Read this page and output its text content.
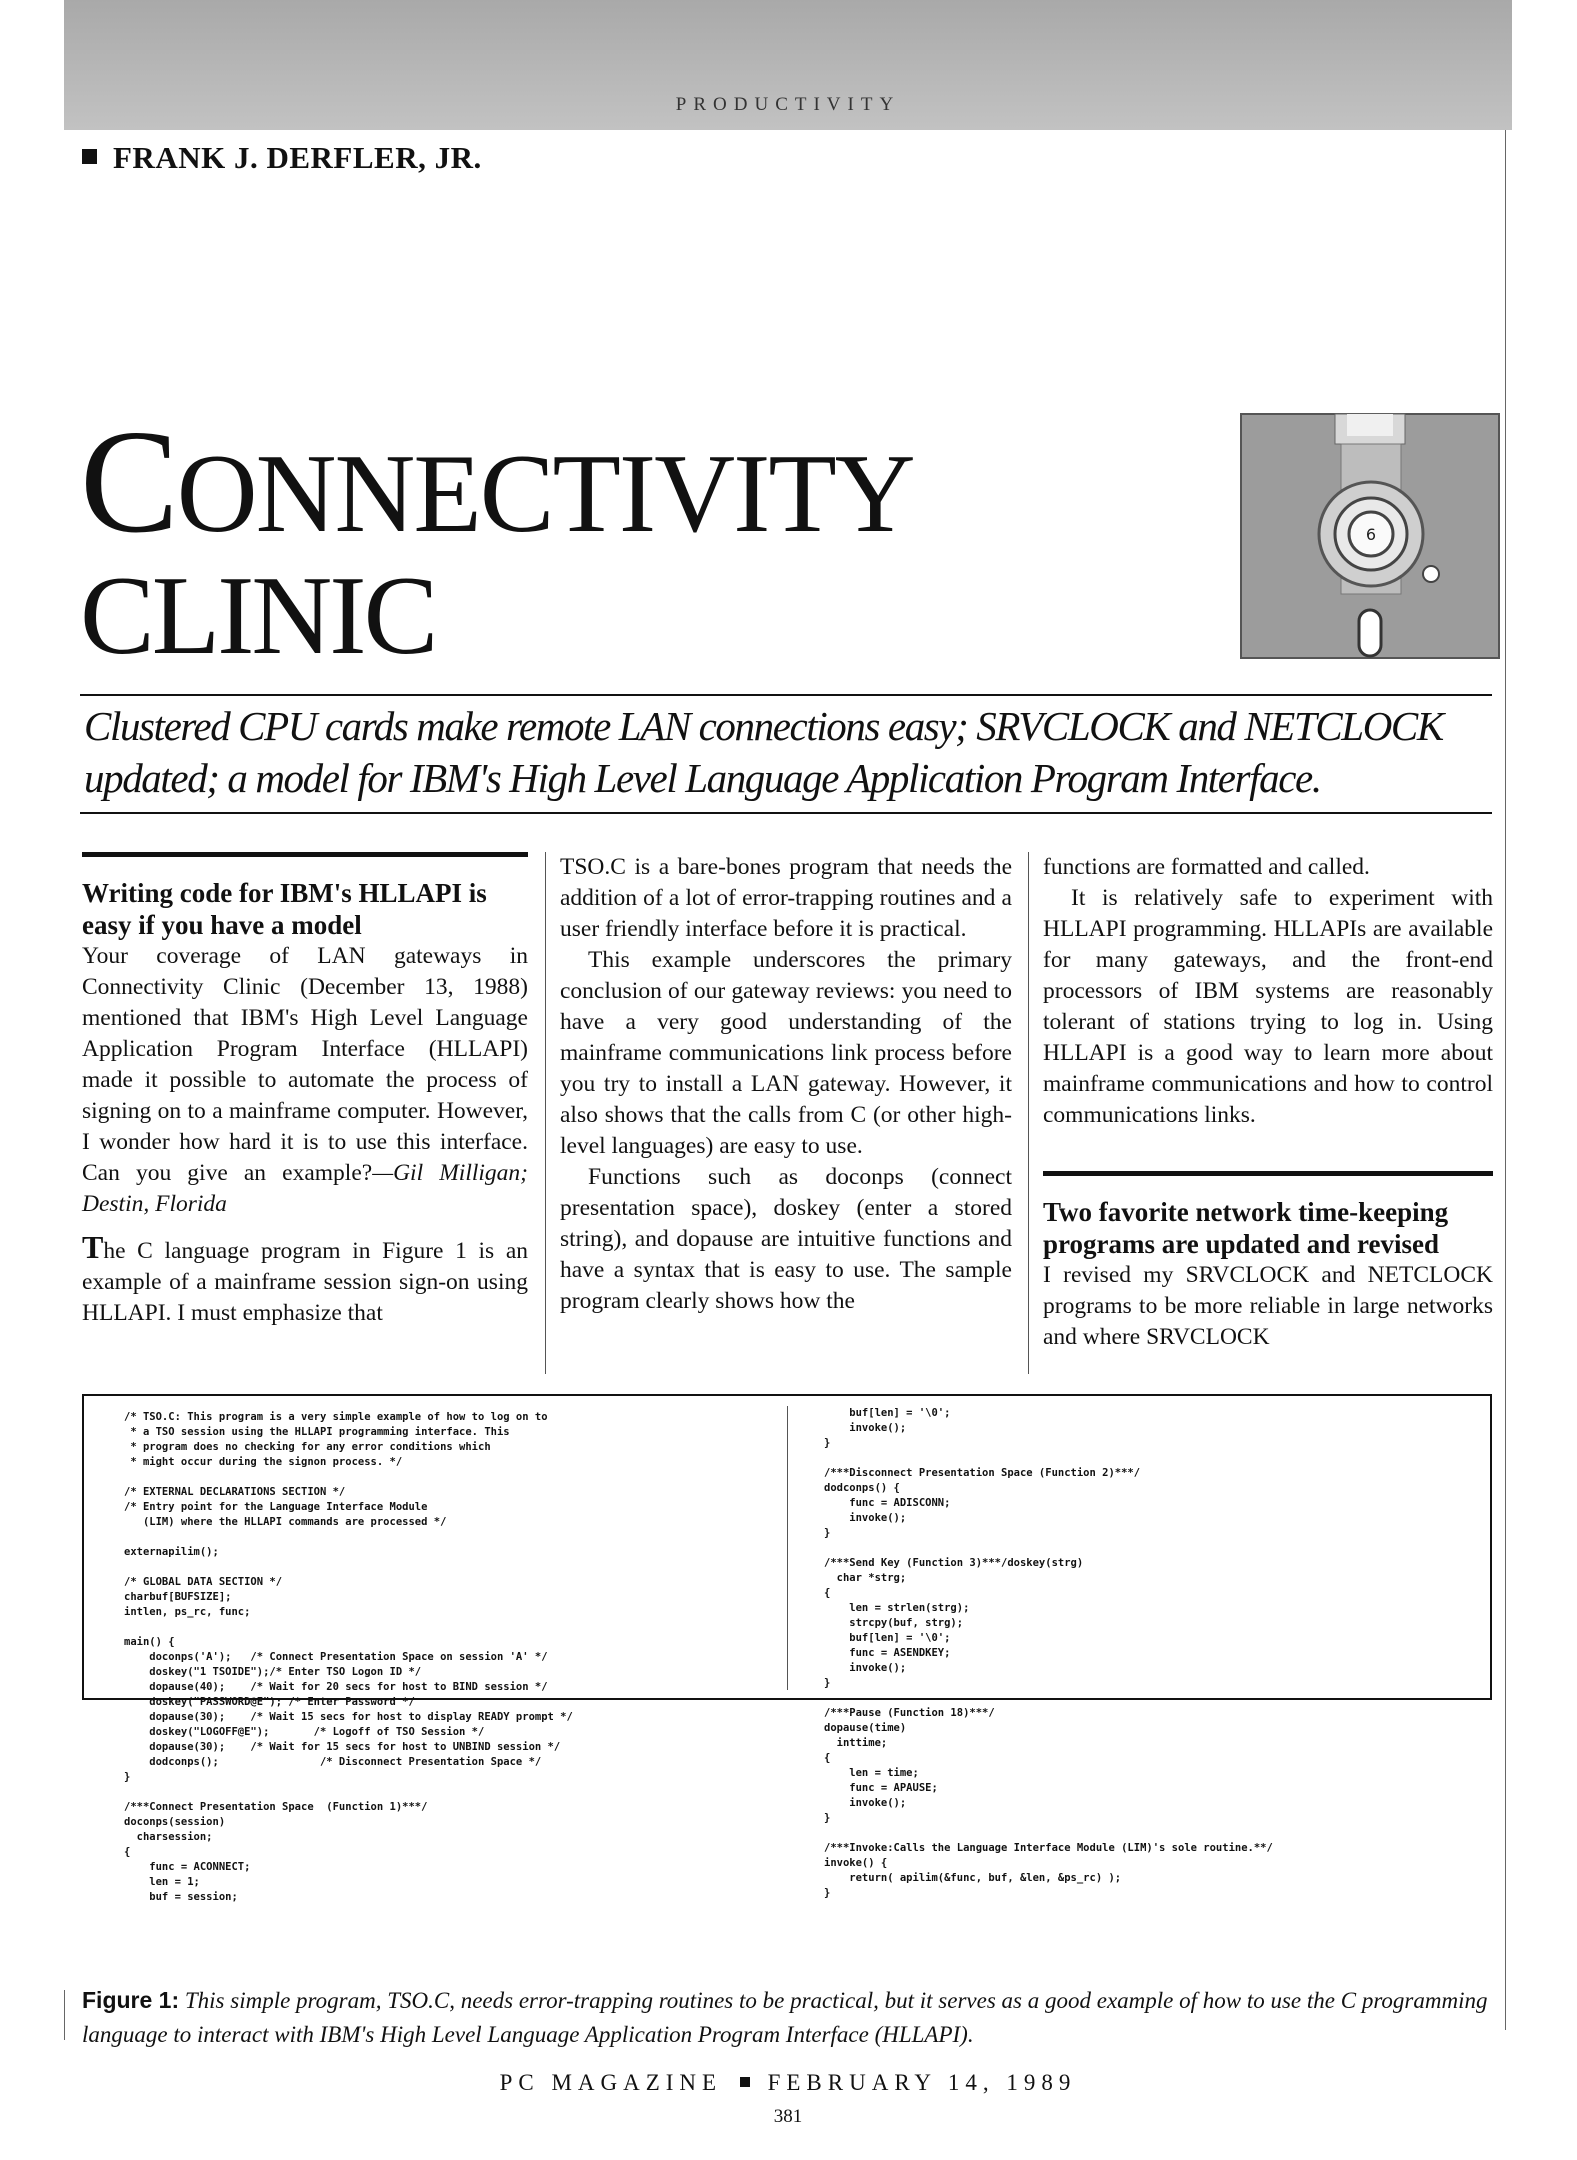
PRODUCTIVITY
FRANK J. DERFLER, JR.
CONNECTIVITY
CLINIC
6
Clustered CPU cards make remote LAN connections easy; SRVCLOCK and NETCLOCK updated; a model for IBM's High Level Language Application Program Interface.

Writing code for IBM's HLLAPI is easy if you have a model

Your coverage of LAN gateways in Connectivity Clinic (December 13, 1988) mentioned that IBM's High Level Language Application Program Interface (HLLAPI) made it possible to automate the process of signing on to a mainframe computer. However, I wonder how hard it is to use this interface. Can you give an example?—Gil Milligan; Destin, Florida

The C language program in Figure 1 is an example of a mainframe session sign-on using HLLAPI. I must emphasize that

TSO.C is a bare-bones program that needs the addition of a lot of error-trapping routines and a user friendly interface before it is practical.

This example underscores the primary conclusion of our gateway reviews: you need to have a very good understanding of the mainframe communications link process before you try to install a LAN gateway. However, it also shows that the calls from C (or other high-level languages) are easy to use.

Functions such as doconps (connect presentation space), doskey (enter a stored string), and dopause are intuitive functions and have a syntax that is easy to use. The sample program clearly shows how the

functions are formatted and called.

It is relatively safe to experiment with HLLAPI programming. HLLAPIs are available for many gateways, and the front-end processors of IBM systems are reasonably tolerant of stations trying to log in. Using HLLAPI is a good way to learn more about mainframe communications and how to control communications links.

Two favorite network time-keeping programs are updated and revised

I revised my SRVCLOCK and NETCLOCK programs to be more reliable in large networks and where SRVCLOCK

/* TSO.C: This program is a very simple example of how to log on to
* a TSO session using the HLLAPI programming interface. This
* program does no checking for any error conditions which
* might occur during the signon process. */

/* EXTERNAL DECLARATIONS SECTION */
/* Entry point for the Language Interface Module
(LIM) where the HLLAPI commands are processed */

externapilim();

/* GLOBAL DATA SECTION */
charbuf[BUFSIZE];
intlen, ps_rc, func;

main() {
doconps('A');   /* Connect Presentation Space on session 'A' */
doskey("1 TSOIDE");/* Enter TSO Logon ID */
dopause(40);    /* Wait for 20 secs for host to BIND session */
doskey("PASSWORD@E"); /* Enter Password */
dopause(30);    /* Wait 15 secs for host to display READY prompt */
doskey("LOGOFF@E");       /* Logoff of TSO Session */
dopause(30);    /* Wait for 15 secs for host to UNBIND session */
dodconps();                /* Disconnect Presentation Space */
}

/***Connect Presentation Space  (Function 1)***/
doconps(session)
charsession;
{
func = ACONNECT;
len = 1;
buf = session;
buf[len] = '\0';
invoke();
}

/***Disconnect Presentation Space (Function 2)***/
dodconps() {
func = ADISCONN;
invoke();
}

/***Send Key (Function 3)***/doskey(strg)
char *strg;
{
len = strlen(strg);
strcpy(buf, strg);
buf[len] = '\0';
func = ASENDKEY;
invoke();
}

/***Pause (Function 18)***/
dopause(time)
inttime;
{
len = time;
func = APAUSE;
invoke();
}

/***Invoke:Calls the Language Interface Module (LIM)'s sole routine.**/
invoke() {
return( apilim(&func, buf, &len, &ps_rc) );
}
Figure 1: This simple program, TSO.C, needs error-trapping routines to be practical, but it serves as a good example of how to use the C programming language to interact with IBM's High Level Language Application Program Interface (HLLAPI).
PC MAGAZINE FEBRUARY 14, 1989
381
